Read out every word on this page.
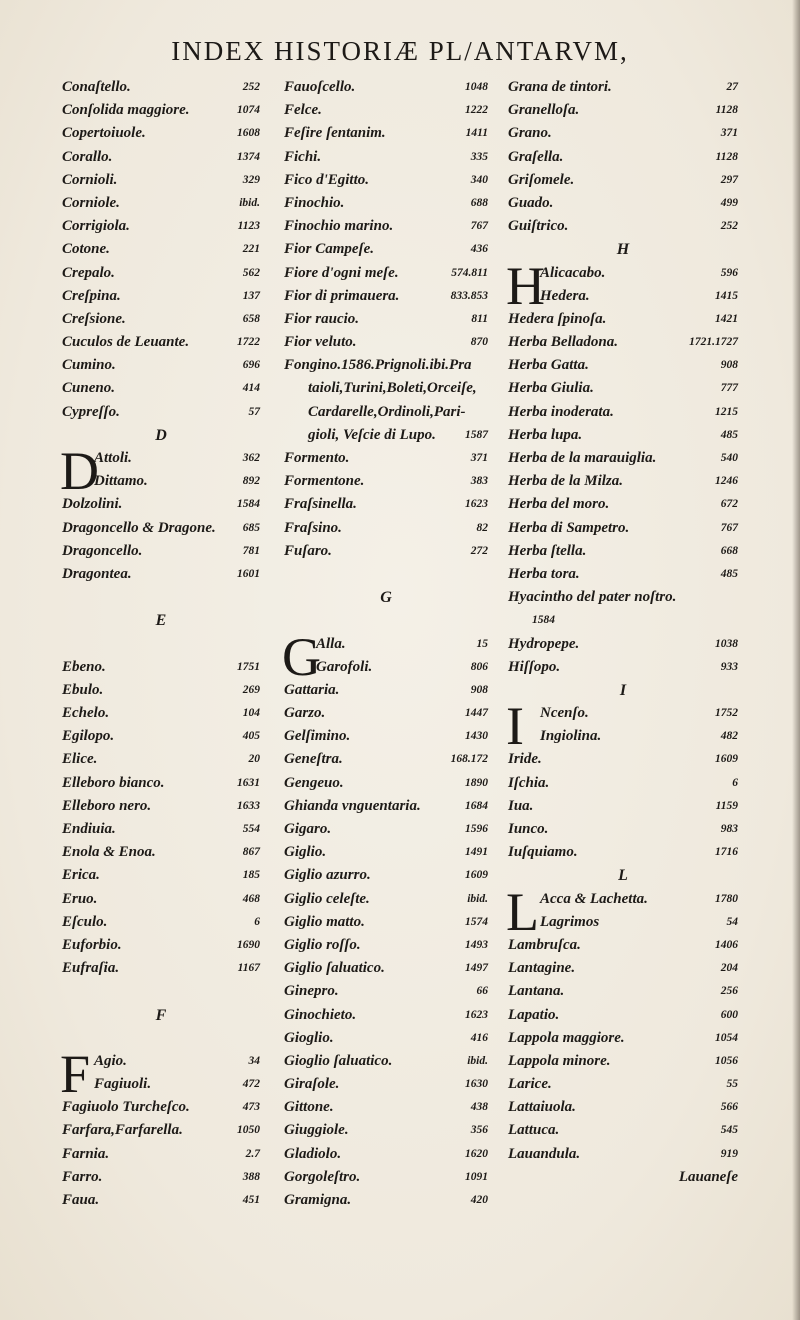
INDEX HISTORIÆ PL/ANTARVM,
Conaſtello.	252
Conſolida maggiore.	1074
Copertoiuole.	1608
Corallo.	1374
Cornioli.	329
Corniole.	ibid.
Corrigiola.	1123
Cotone.	221
Crepalo.	562
Creſpina.	137
Creſsione.	658
Cuculos de Leuante.	1722
Cumino.	696
Cuneno.	414
Cypreſſo.	57
D
D
Attoli.	362
Dittamo.	892
Dolzolini.	1584
Dragoncello & Dragone. 685
Dragoncello.	781
Dragontea.	1601
E
Ebeno.	1751
Ebulo.	269
Echelo.	104
Egilopo.	405
Elice.	20
Elleboro bianco.	1631
Elleboro nero.	1633
Endiuia.	554
Enola & Enoa.	867
Erica.	185
Eruo.	468
Eſculo.	6
Euforbio.	1690
Eufraſia.	1167
F
F Agio.	34
Fagiuoli.	472
Fagiuolo Turcheſco.	473
Farfara,Farfarella.	1050
Farnia.	2.7
Farro.	388
Faua.	451
Fauoſcello.	1048
Felce.	1222
Feſire ſentanim.	1411
Fichi.	335
Fico d'Egitto.	340
Finochio.	688
Finochio marino.	767
Fior Campeſe.	436
Fiore d'ogni meſe.	574.811
Fior di primauera.	833.853
Fior raucio.	811
Fior veluto.	870
Fongino.1586.Prignoli.ibi.Pra
taioli,Turini,Boleti,Orceiſe,
Cardarelle,Ordinoli,Pari-
gioli, Veſcie di Lupo.	1587
Formento.	371
Formentone.	383
Fraſsinella.	1623
Fraſsino.	82
Fuſaro.	272
G
G
Alla.	15
Garofoli.	806
Gattaria.	908
Garzo.	1447
Gelſimino.	1430
Geneſtra.	168.172
Gengeuo.	1890
Ghianda vnguentaria.	1684
Gigaro.	1596
Giglio.	1491
Giglio azurro.	1609
Giglio celeſte.	ibid.
Giglio matto.	1574
Giglio roſſo.	1493
Giglio ſaluatico.	1497
Ginepro.	66
Ginochieto.	1623
Gioglio.	416
Gioglio ſaluatico.	ibid.
Giraſole.	1630
Gittone.	438
Giuggiole.	356
Gladiolo.	1620
Gorgoleſtro.	1091
Gramigna.	420
Grana de tintori.	27
Granelloſa.	1128
Grano.	371
Graſella.	1128
Griſomele.	297
Guado.	499
Guiſtrico.	252
H
H
Alicacabo.	596
Hedera.	1415
Hedera ſpinoſa.	1421
Herba Belladona.	1721.1727
Herba Gatta.	908
Herba Giulia.	777
Herba inoderata.	1215
Herba lupa.	485
Herba de la marauiglia.	540
Herba de la Milza.	1246
Herba del moro.	672
Herba di Sampetro.	767
Herba ſtella.	668
Herba tora.	485
Hyacintho del pater noſtro.
1584
Hydropepe.	1038
Hiſſopo.	933
I
I	Ncenſo.	1752
Ingiolina.	482
Iride.	1609
Iſchia.	6
Iua.	1159
Iunco.	983
Iuſquiamo.	1716
L
L Acca & Lachetta.	1780
Lagrimos	54
Lambruſca.	1406
Lantagine.	204
Lantana.	256
Lapatio.	600
Lappola maggiore.	1054
Lappola minore.	1056
Larice.	55
Lattaiuola.	566
Lattuca.	545
Lauandula.	919
Lauaneſe
